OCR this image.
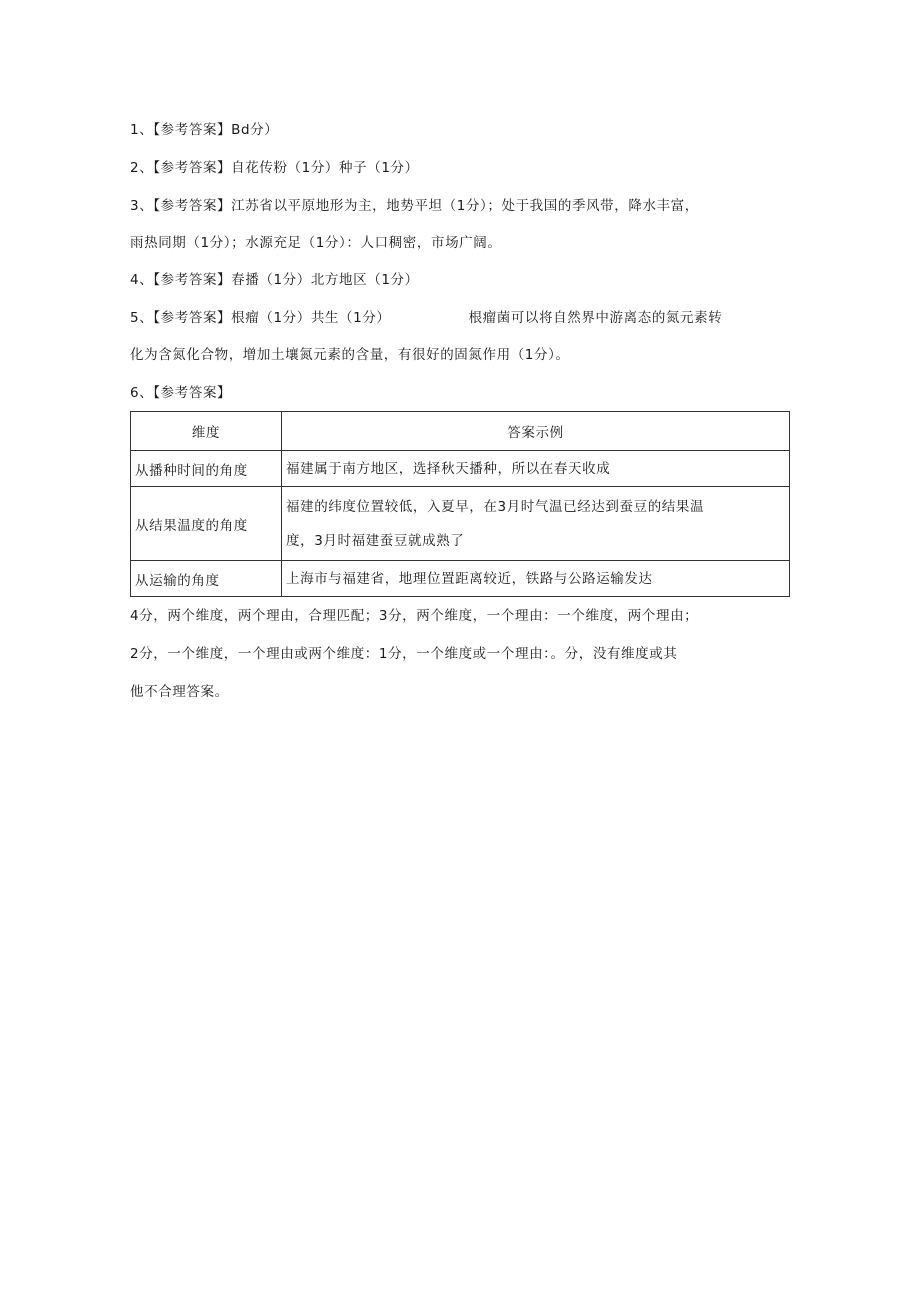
1、【参考答案】Bd分）
2、【参考答案】自花传粉（1分）种子（1分）
3、【参考答案】江苏省以平原地形为主，地势平坦（1分）；处于我国的季风带，降水丰富，
雨热同期（1分）；水源充足（1分）：人口稠密，市场广阔。
4、【参考答案】春播（1分）北方地区（1分）
5、【参考答案】根瘤（1分）共生（1分）	根瘤菌可以将自然界中游离态的氮元素转
化为含氮化合物，增加土壤氮元素的含量，有很好的固氮作用（1分）。
6、【参考答案】
维度	答案示例
从播种时间的角度	福建属于南方地区，选择秋天播种，所以在春天收成

从结果温度的角度	福建的纬度位置较低，入夏早，在3月时气温已经达到蚕豆的结果温
度，3月时福建蚕豆就成熟了

从运输的角度	上海市与福建省，地理位置距离较近，铁路与公路运输发达
4分，两个维度，两个理由，合理匹配；3分，两个维度，一个理由：一个维度，两个理由；
2分，一个维度，一个理由或两个维度：1分，一个维度或一个理由：。分，没有维度或其
他不合理答案。
